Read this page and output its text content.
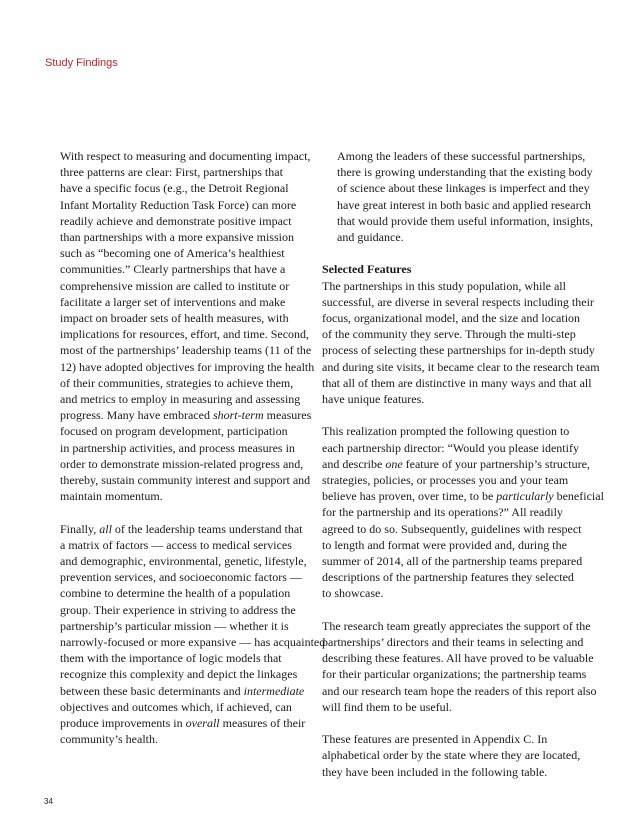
Study Findings
With respect to measuring and documenting impact,
three patterns are clear: First, partnerships that
have a specific focus (e.g., the Detroit Regional
Infant Mortality Reduction Task Force) can more
readily achieve and demonstrate positive impact
than partnerships with a more expansive mission
such as “becoming one of America’s healthiest
communities.” Clearly partnerships that have a
comprehensive mission are called to institute or
facilitate a larger set of interventions and make
impact on broader sets of health measures, with
implications for resources, effort, and time. Second,
most of the partnerships’ leadership teams (11 of the
12) have adopted objectives for improving the health
of their communities, strategies to achieve them,
and metrics to employ in measuring and assessing
progress. Many have embraced short-term measures
focused on program development, participation
in partnership activities, and process measures in
order to demonstrate mission-related progress and,
thereby, sustain community interest and support and
maintain momentum.
Finally, all of the leadership teams understand that
a matrix of factors — access to medical services
and demographic, environmental, genetic, lifestyle,
prevention services, and socioeconomic factors —
combine to determine the health of a population
group. Their experience in striving to address the
partnership’s particular mission — whether it is
narrowly-focused or more expansive — has acquainted
them with the importance of logic models that
recognize this complexity and depict the linkages
between these basic determinants and intermediate
objectives and outcomes which, if achieved, can
produce improvements in overall measures of their
community’s health.
Among the leaders of these successful partnerships,
there is growing understanding that the existing body
of science about these linkages is imperfect and they
have great interest in both basic and applied research
that would provide them useful information, insights,
and guidance.
Selected Features
The partnerships in this study population, while all
successful, are diverse in several respects including their
focus, organizational model, and the size and location
of the community they serve. Through the multi-step
process of selecting these partnerships for in-depth study
and during site visits, it became clear to the research team
that all of them are distinctive in many ways and that all
have unique features.
This realization prompted the following question to
each partnership director: “Would you please identify
and describe one feature of your partnership’s structure,
strategies, policies, or processes you and your team
believe has proven, over time, to be particularly beneficial
for the partnership and its operations?” All readily
agreed to do so. Subsequently, guidelines with respect
to length and format were provided and, during the
summer of 2014, all of the partnership teams prepared
descriptions of the partnership features they selected
to showcase.
The research team greatly appreciates the support of the
partnerships’ directors and their teams in selecting and
describing these features. All have proved to be valuable
for their particular organizations; the partnership teams
and our research team hope the readers of this report also
will find them to be useful.
These features are presented in Appendix C. In
alphabetical order by the state where they are located,
they have been included in the following table.
34
